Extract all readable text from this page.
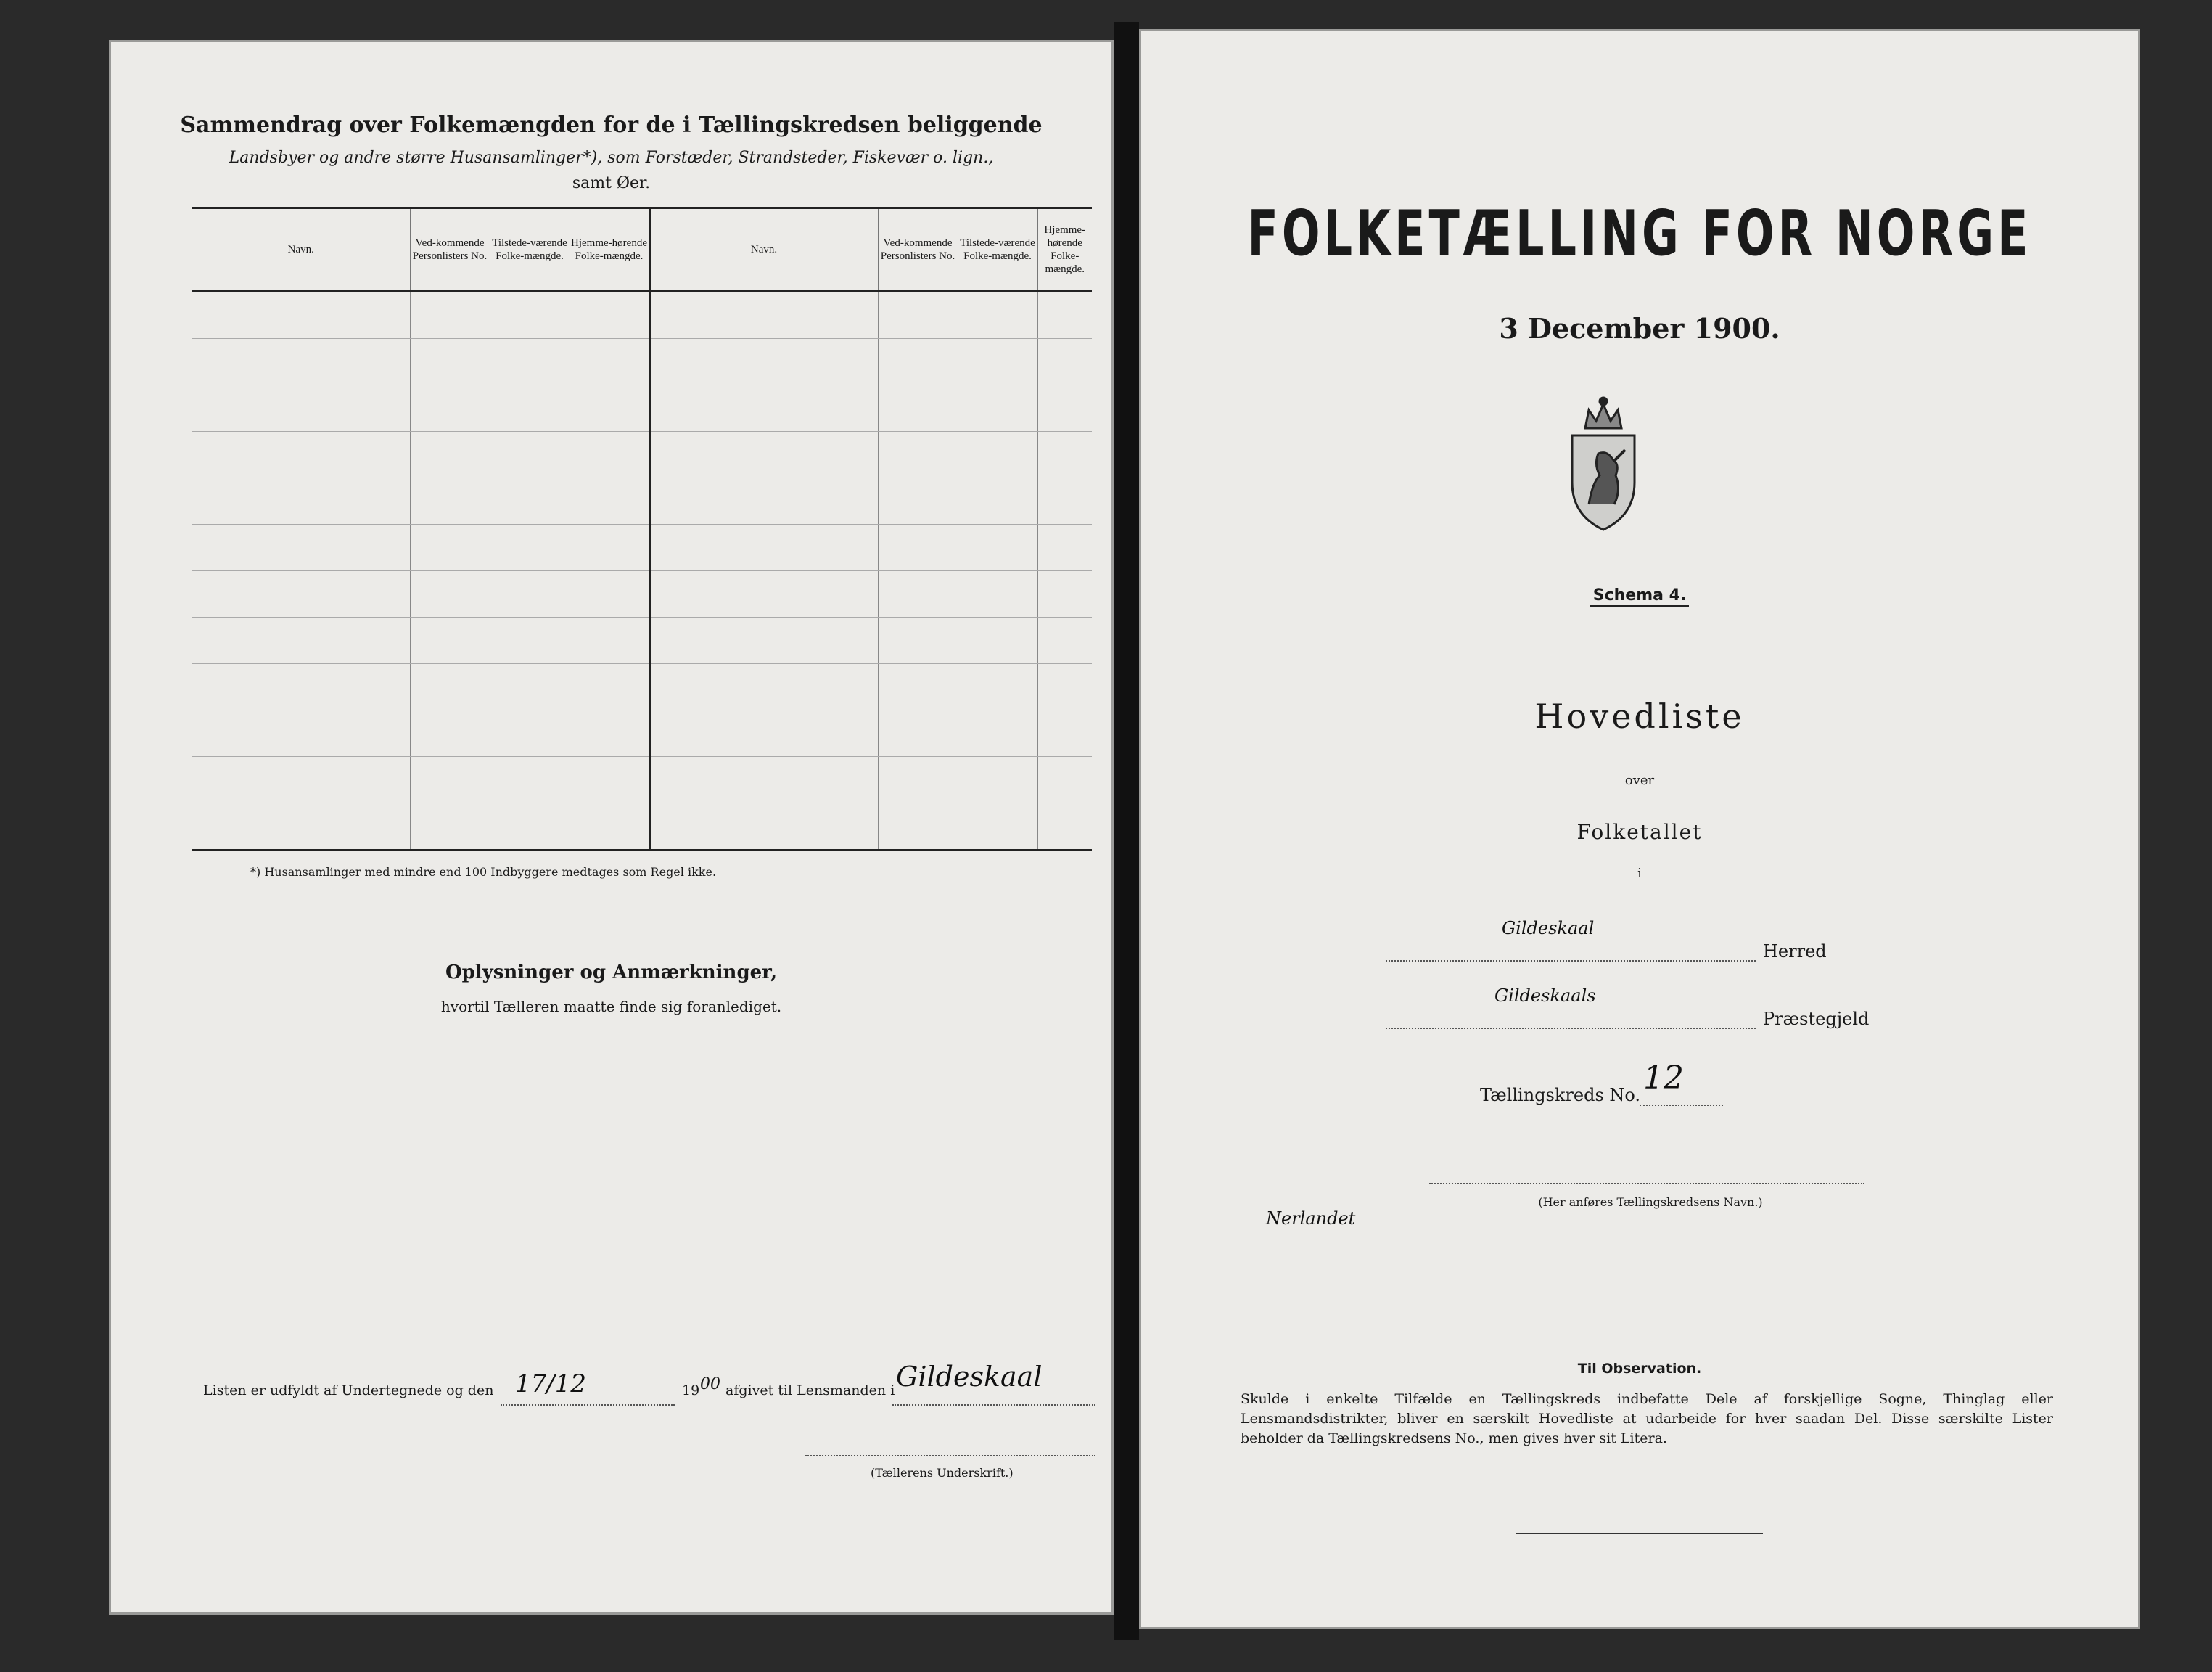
Sammendrag over Folkemængden for de i Tællingskredsen beliggende
Landsbyer og andre større Husansamlinger*), som Forstæder, Strandsteder, Fiskevær o. lign.,
samt Øer.
Navn.	Ved-kommende Personlisters No.	Tilstede-værende Folke-mængde.	Hjemme-hørende Folke-mængde.	Navn.	Ved-kommende Personlisters No.	Tilstede-værende Folke-mængde.	Hjemme-hørende Folke-mængde.

*) Husansamlinger med mindre end 100 Indbyggere medtages som Regel ikke.
Oplysninger og Anmærkninger,
hvortil Tælleren maatte finde sig foranlediget.
Listen er udfyldt af Undertegnede og den 17/12	19 00 afgivet til Lensmanden i Gildeskaal
(Tællerens Underskrift.)
FOLKETÆLLING FOR NORGE
3 December 1900.
Schema 4.
Hovedliste
over
Folketallet
i
Gildeskaal
Herred
Gildeskaals
Præstegjeld
Tællingskreds No. 12
(Her anføres Tællingskredsens Navn.)
Nerlandet
Til Observation.
Skulde i enkelte Tilfælde en Tællingskreds indbefatte Dele af forskjellige Sogne, Thinglag eller Lensmandsdistrikter, bliver en særskilt Hovedliste at udarbeide for hver saadan Del. Disse særskilte Lister beholder da Tællingskredsens No., men gives hver sit Litera.
